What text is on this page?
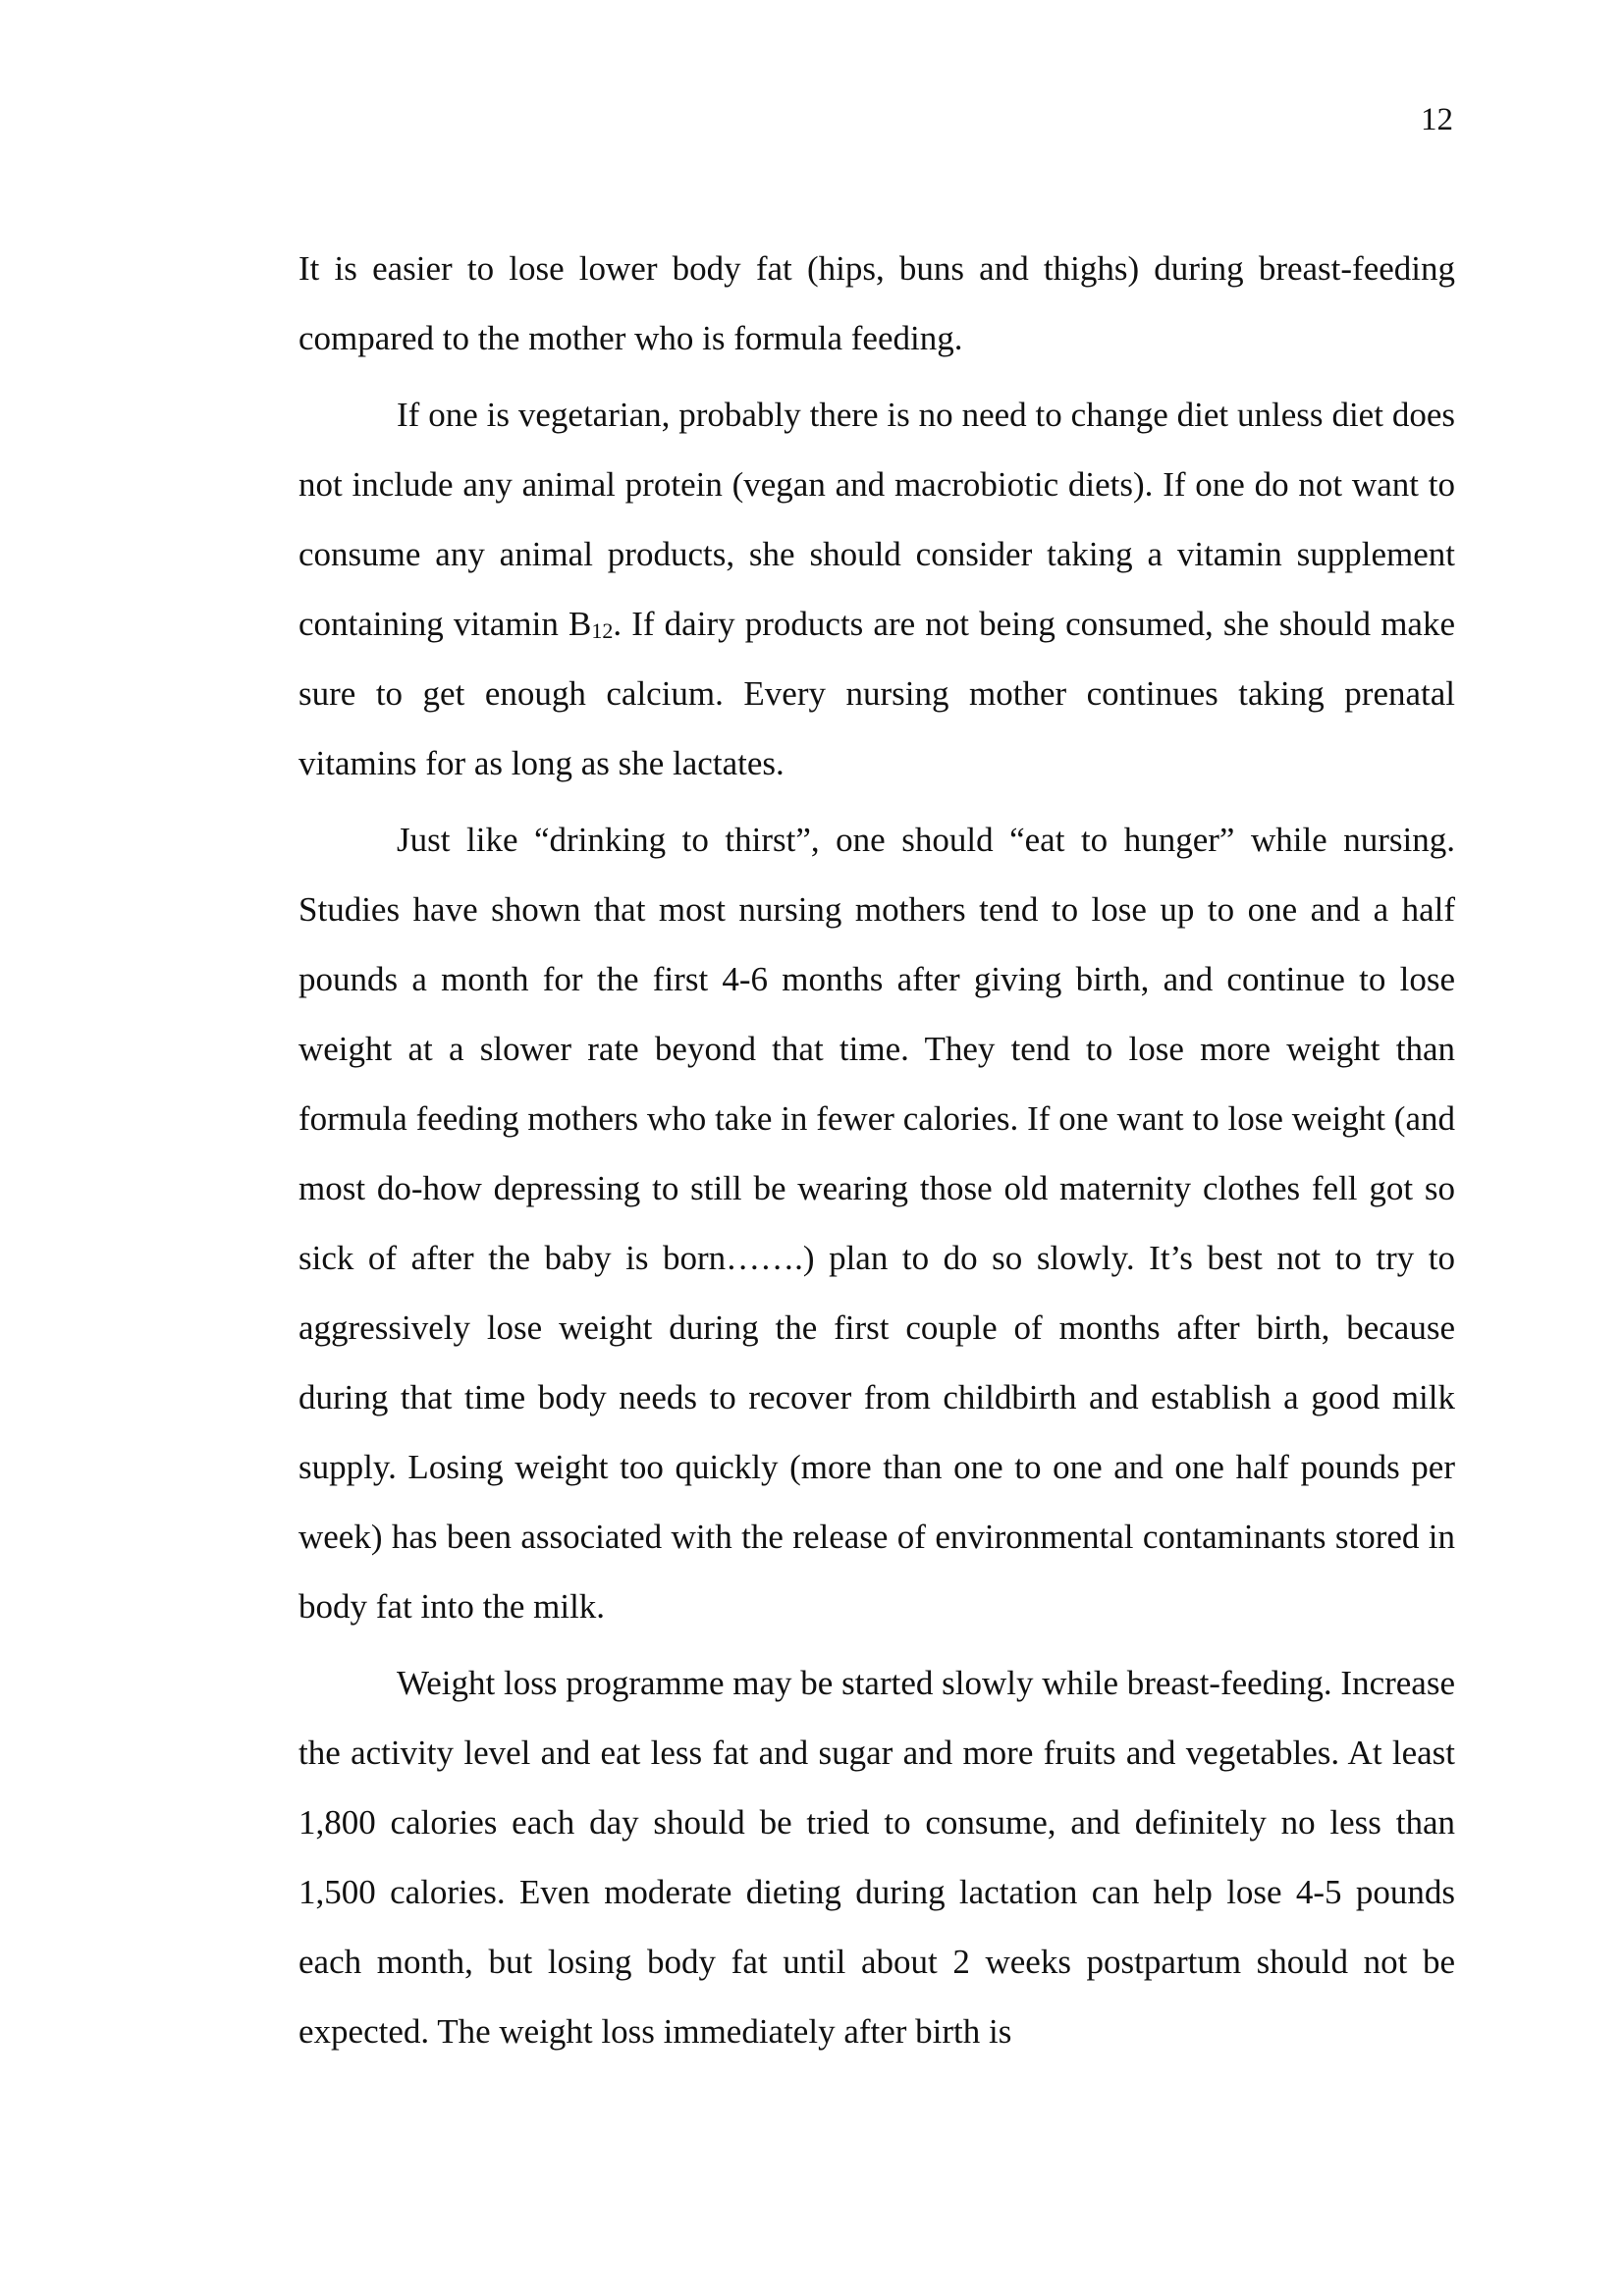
12

It is easier to lose lower body fat (hips, buns and thighs) during breast-feeding compared to the mother who is formula feeding.

If one is vegetarian, probably there is no need to change diet unless diet does not include any animal protein (vegan and macrobiotic diets). If one do not want to consume any animal products, she should consider taking a vitamin supplement containing vitamin B12. If dairy products are not being consumed, she should make sure to get enough calcium. Every nursing mother continues taking prenatal vitamins for as long as she lactates.

Just like “drinking to thirst”, one should “eat to hunger” while nursing. Studies have shown that most nursing mothers tend to lose up to one and a half pounds a month for the first 4-6 months after giving birth, and continue to lose weight at a slower rate beyond that time. They tend to lose more weight than formula feeding mothers who take in fewer calories. If one want to lose weight (and most do-how depressing to still be wearing those old maternity clothes fell got so sick of after the baby is born…….) plan to do so slowly. It’s best not to try to aggressively lose weight during the first couple of months after birth, because during that time body needs to recover from childbirth and establish a good milk supply. Losing weight too quickly (more than one to one and one half pounds per week) has been associated with the release of environmental contaminants stored in body fat into the milk.

Weight loss programme may be started slowly while breast-feeding. Increase the activity level and eat less fat and sugar and more fruits and vegetables. At least 1,800 calories each day should be tried to consume, and definitely no less than 1,500 calories. Even moderate dieting during lactation can help lose 4-5 pounds each month, but losing body fat until about 2 weeks postpartum should not be expected. The weight loss immediately after birth is
